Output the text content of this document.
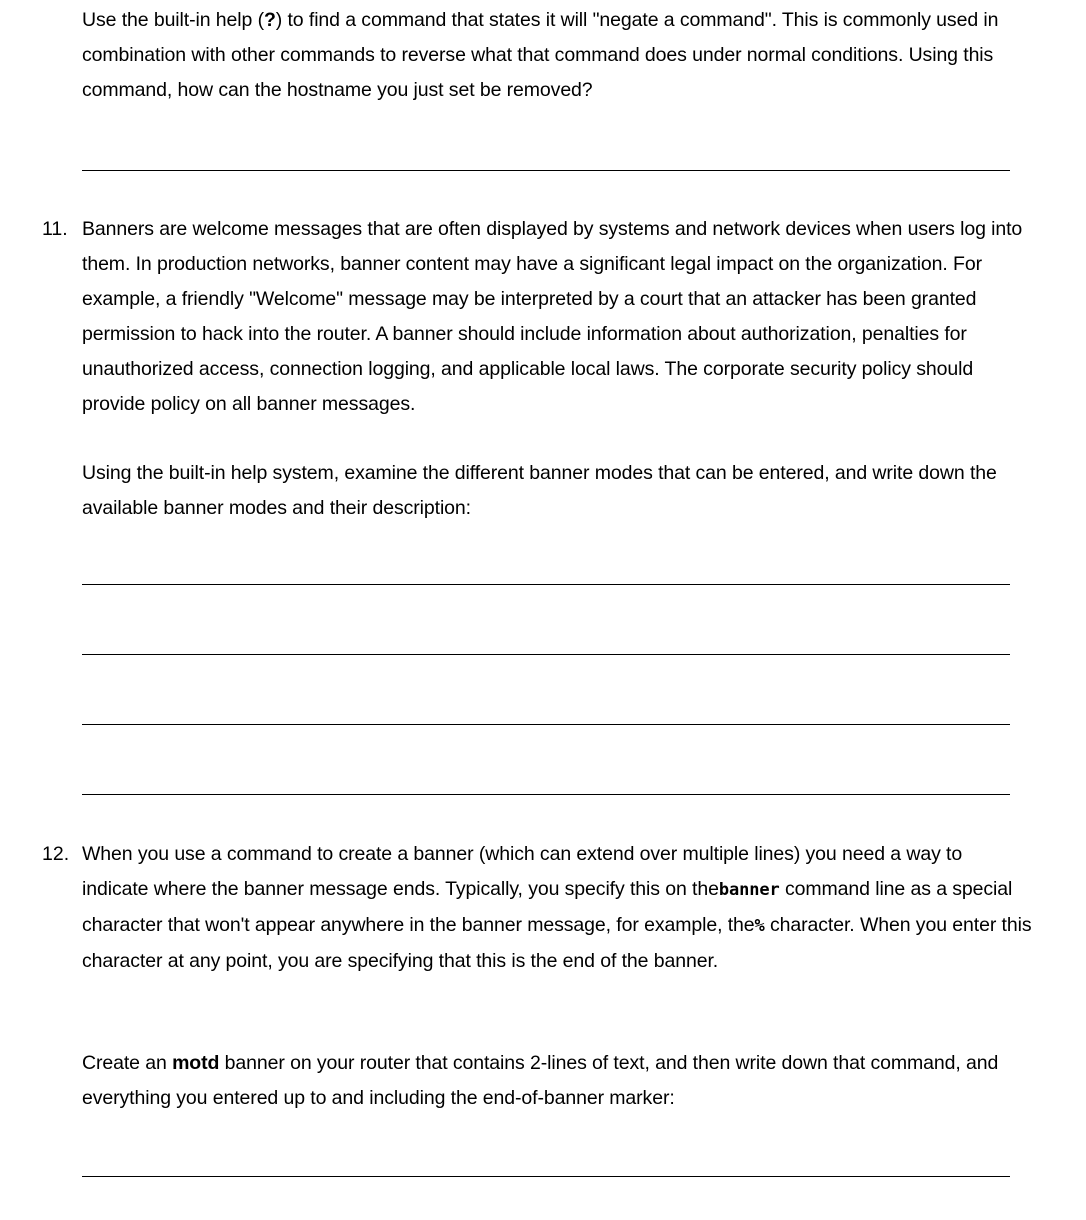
Use the built-in help (?) to find a command that states it will "negate a command". This is commonly used in combination with other commands to reverse what that command does under normal conditions. Using this command, how can the hostname you just set be removed?
11. Banners are welcome messages that are often displayed by systems and network devices when users log into them. In production networks, banner content may have a significant legal impact on the organization. For example, a friendly "Welcome" message may be interpreted by a court that an attacker has been granted permission to hack into the router. A banner should include information about authorization, penalties for unauthorized access, connection logging, and applicable local laws. The corporate security policy should provide policy on all banner messages.
Using the built-in help system, examine the different banner modes that can be entered, and write down the available banner modes and their description:
12. When you use a command to create a banner (which can extend over multiple lines) you need a way to indicate where the banner message ends. Typically, you specify this on thebanner command line as a special character that won't appear anywhere in the banner message, for example, the% character. When you enter this character at any point, you are specifying that this is the end of the banner.
Create an motd banner on your router that contains 2-lines of text, and then write down that command, and everything you entered up to and including the end-of-banner marker:
